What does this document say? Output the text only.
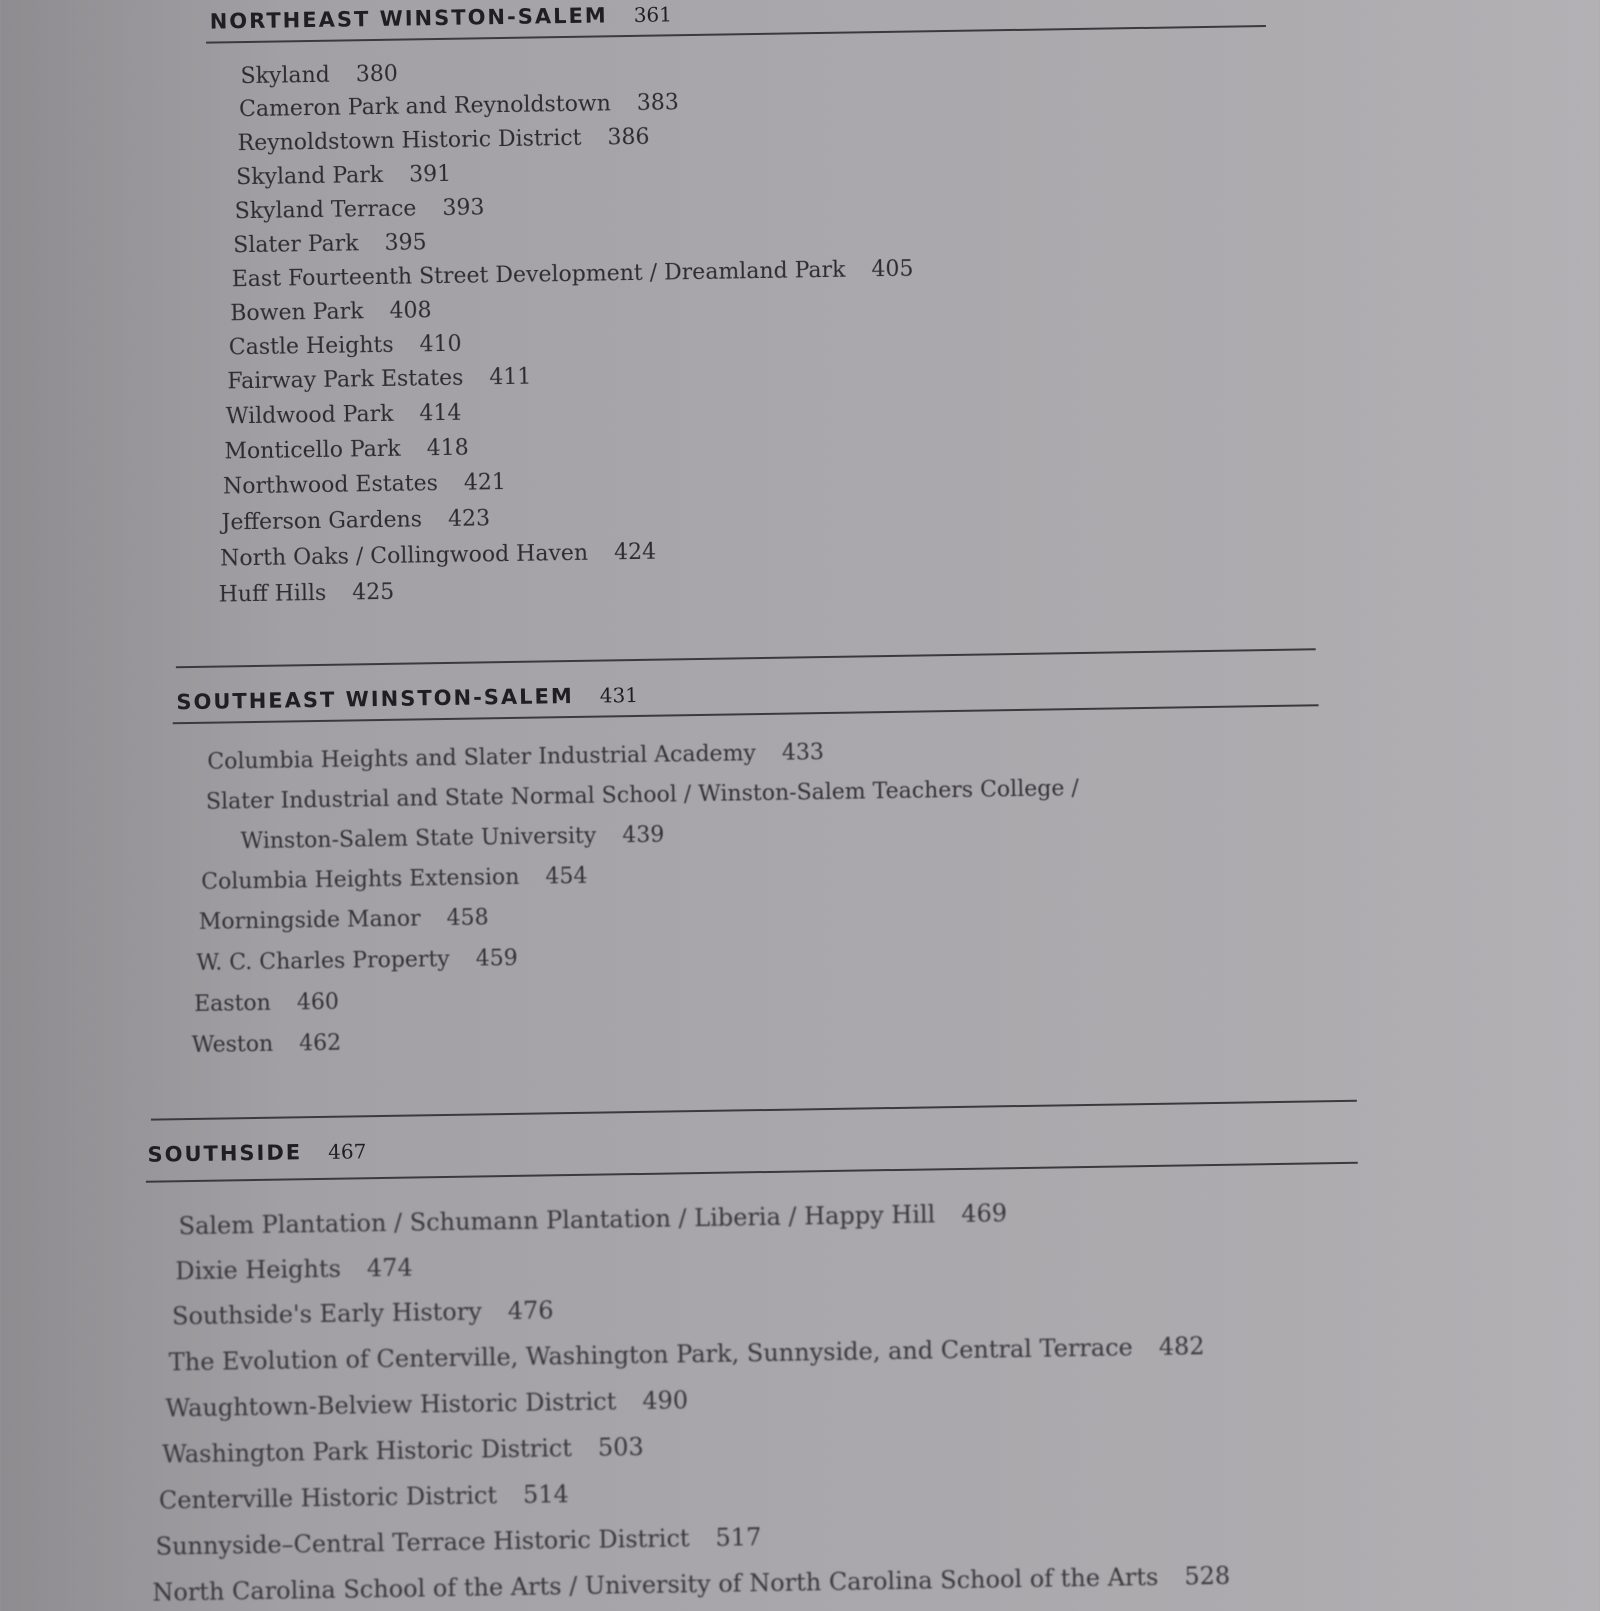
NORTHEAST WINSTON-SALEM 361
Skyland 380
Cameron Park and Reynoldstown 383
Reynoldstown Historic District 386
Skyland Park 391
Skyland Terrace 393
Slater Park 395
East Fourteenth Street Development / Dreamland Park 405
Bowen Park 408
Castle Heights 410
Fairway Park Estates 411
Wildwood Park 414
Monticello Park 418
Northwood Estates 421
Jefferson Gardens 423
North Oaks / Collingwood Haven 424
Huff Hills 425
SOUTHEAST WINSTON-SALEM 431
Columbia Heights and Slater Industrial Academy 433
Slater Industrial and State Normal School / Winston-Salem Teachers College /
Winston-Salem State University 439
Columbia Heights Extension 454
Morningside Manor 458
W. C. Charles Property 459
Easton 460
Weston 462
SOUTHSIDE 467
Salem Plantation / Schumann Plantation / Liberia / Happy Hill 469
Dixie Heights 474
Southside's Early History 476
The Evolution of Centerville, Washington Park, Sunnyside, and Central Terrace 482
Waughtown-Belview Historic District 490
Washington Park Historic District 503
Centerville Historic District 514
Sunnyside–Central Terrace Historic District 517
North Carolina School of the Arts / University of North Carolina School of the Arts 528
